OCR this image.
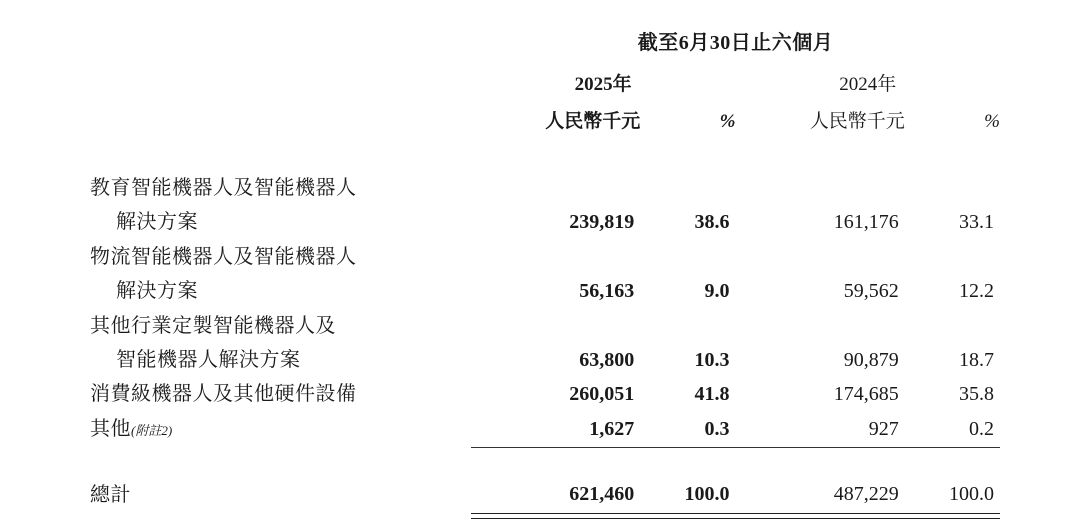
	截至6月30日止六個月			
	2025年		2024年	
	人民幣千元	%	人民幣千元	%

教育智能機器人及智能機器人				

解決方案	239,819	38.6	161,176	33.1
物流智能機器人及智能機器人				

解決方案	56,163	9.0	59,562	12.2
其他行業定製智能機器人及				

智能機器人解決方案	63,800	10.3	90,879	18.7
消費級機器人及其他硬件設備	260,051	41.8	174,685	35.8
其他(附註2)	1,627	0.3	927	0.2

總計	621,460	100.0	487,229	100.0
